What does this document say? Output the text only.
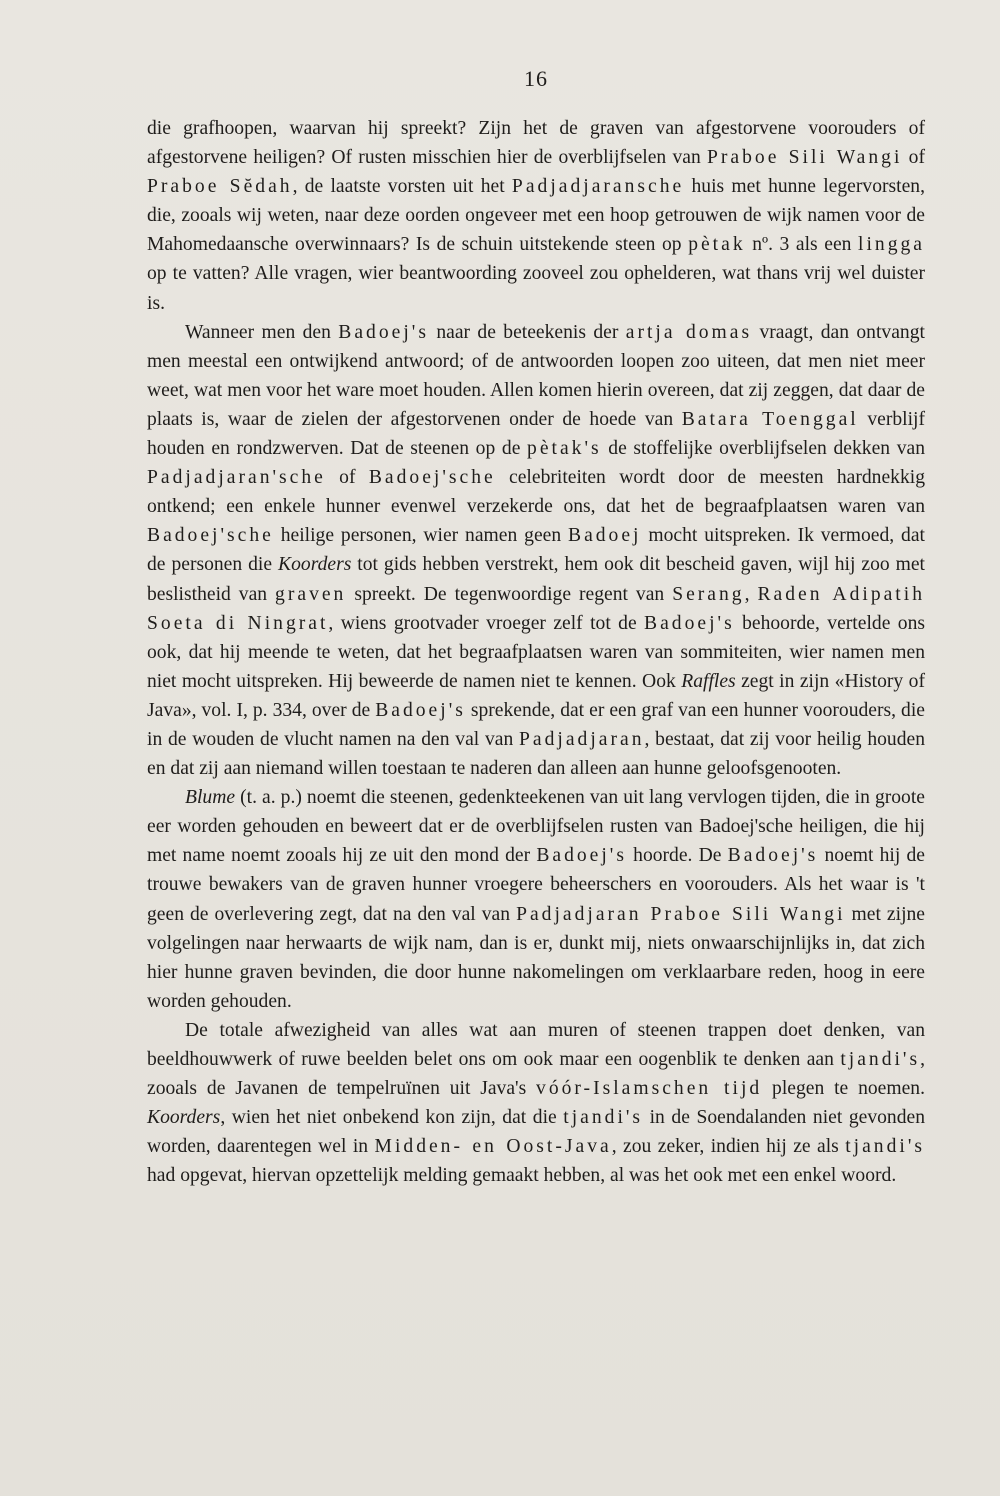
16

die grafhoopen, waarvan hij spreekt? Zijn het de graven van afgestorvene voorouders of afgestorvene heiligen? Of rusten misschien hier de overblijfselen van Praboe Sili Wangi of Praboe Sĕdah, de laatste vorsten uit het Padjadjaransche huis met hunne legervorsten, die, zooals wij weten, naar deze oorden ongeveer met een hoop getrouwen de wijk namen voor de Mahomedaansche overwinnaars? Is de schuin uitstekende steen op pètak nº. 3 als een lingga op te vatten? Alle vragen, wier beantwoording zooveel zou ophelderen, wat thans vrij wel duister is.

Wanneer men den Badoej's naar de beteekenis der artja domas vraagt, dan ontvangt men meestal een ontwijkend antwoord; of de antwoorden loopen zoo uiteen, dat men niet meer weet, wat men voor het ware moet houden. Allen komen hierin overeen, dat zij zeggen, dat daar de plaats is, waar de zielen der afgestorvenen onder de hoede van Batara Toenggal verblijf houden en rondzwerven. Dat de steenen op de pètak's de stoffelijke overblijfselen dekken van Padjadjaran'sche of Badoej'sche celebriteiten wordt door de meesten hardnekkig ontkend; een enkele hunner evenwel verzekerde ons, dat het de begraafplaatsen waren van Badoej'sche heilige personen, wier namen geen Badoej mocht uitspreken. Ik vermoed, dat de personen die Koorders tot gids hebben verstrekt, hem ook dit bescheid gaven, wijl hij zoo met beslistheid van graven spreekt. De tegenwoordige regent van Serang, Raden Adipatih Soeta di Ningrat, wiens grootvader vroeger zelf tot de Badoej's behoorde, vertelde ons ook, dat hij meende te weten, dat het begraafplaatsen waren van sommiteiten, wier namen men niet mocht uitspreken. Hij beweerde de namen niet te kennen. Ook Raffles zegt in zijn «History of Java», vol. I, p. 334, over de Badoej's sprekende, dat er een graf van een hunner voorouders, die in de wouden de vlucht namen na den val van Padjadjaran, bestaat, dat zij voor heilig houden en dat zij aan niemand willen toestaan te naderen dan alleen aan hunne geloofsgenooten.

Blume (t. a. p.) noemt die steenen, gedenkteekenen van uit lang vervlogen tijden, die in groote eer worden gehouden en beweert dat er de overblijfselen rusten van Badoej'sche heiligen, die hij met name noemt zooals hij ze uit den mond der Badoej's hoorde. De Badoej's noemt hij de trouwe bewakers van de graven hunner vroegere beheerschers en voorouders. Als het waar is 't geen de overlevering zegt, dat na den val van Padjadjaran Praboe Sili Wangi met zijne volgelingen naar herwaarts de wijk nam, dan is er, dunkt mij, niets onwaarschijnlijks in, dat zich hier hunne graven bevinden, die door hunne nakomelingen om verklaarbare reden, hoog in eere worden gehouden.

De totale afwezigheid van alles wat aan muren of steenen trappen doet denken, van beeldhouwwerk of ruwe beelden belet ons om ook maar een oogenblik te denken aan tjandi's, zooals de Javanen de tempelruïnen uit Java's vóór-Islamschen tijd plegen te noemen. Koorders, wien het niet onbekend kon zijn, dat die tjandi's in de Soendalanden niet gevonden worden, daarentegen wel in Midden- en Oost-Java, zou zeker, indien hij ze als tjandi's had opgevat, hiervan opzettelijk melding gemaakt hebben, al was het ook met een enkel woord.
